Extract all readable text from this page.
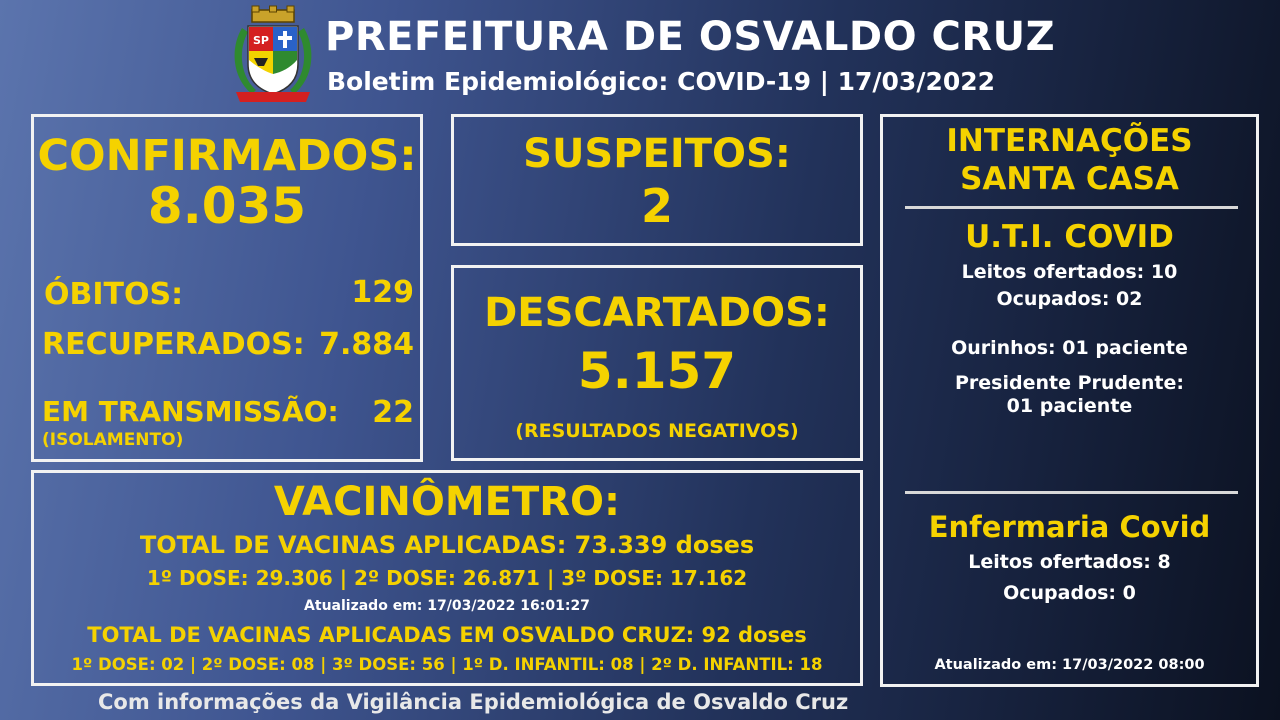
SP PREFEITURA DE OSVALDO CRUZ
Boletim Epidemiológico: COVID-19 | 17/03/2022
CONFIRMADOS:
8.035
ÓBITOS:	129
RECUPERADOS: 7.884
EM TRANSMISSÃO: 22
(ISOLAMENTO)
SUSPEITOS:
2
DESCARTADOS:
5.157
(RESULTADOS NEGATIVOS)
VACINÔMETRO:
TOTAL DE VACINAS APLICADAS: 73.339 doses
1º DOSE: 29.306 | 2º DOSE: 26.871 | 3º DOSE: 17.162
Atualizado em: 17/03/2022 16:01:27
TOTAL DE VACINAS APLICADAS EM OSVALDO CRUZ: 92 doses
1º DOSE: 02 | 2º DOSE: 08 | 3º DOSE: 56 | 1º D. INFANTIL: 08 | 2º D. INFANTIL: 18
INTERNAÇÕES
SANTA CASA
U.T.I. COVID
Leitos ofertados: 10
Ocupados: 02
Ourinhos: 01 paciente
Presidente Prudente:
01 paciente
Enfermaria Covid
Leitos ofertados: 8
Ocupados: 0
Atualizado em: 17/03/2022 08:00
Com informações da Vigilância Epidemiológica de Osvaldo Cruz
